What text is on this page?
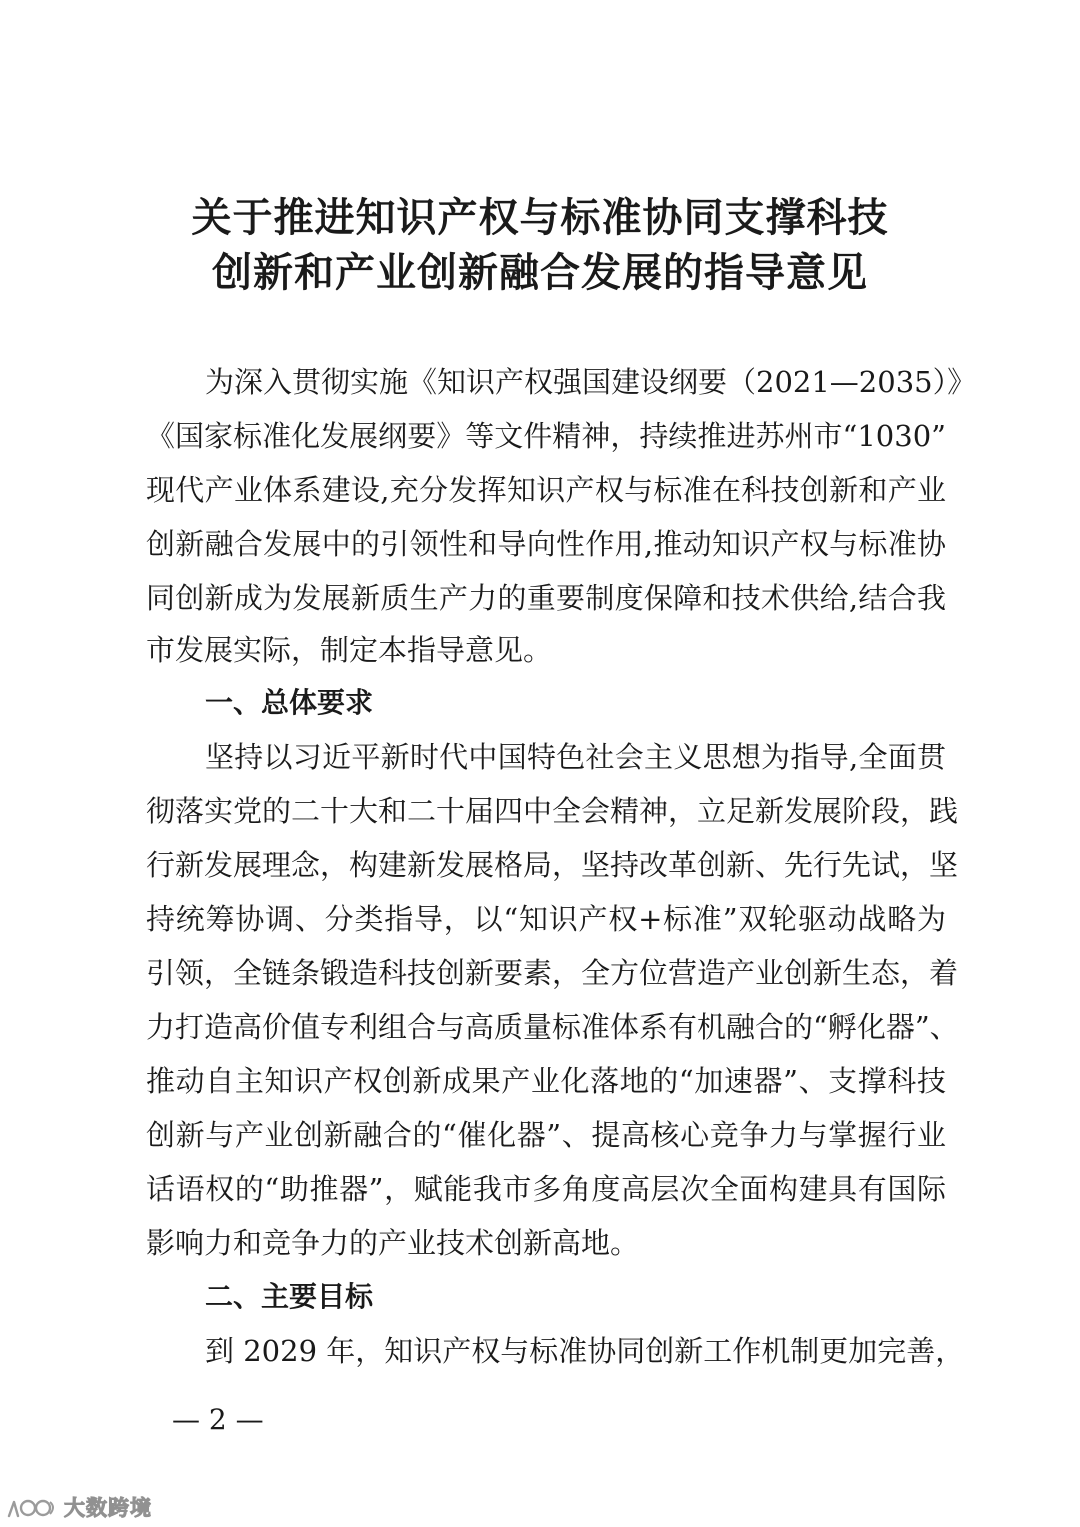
关于推进知识产权与标准协同支撑科技
创新和产业创新融合发展的指导意见

为深入贯彻实施《知识产权强国建设纲要（2021—2035）》

《国家标准化发展纲要》等文件精神，持续推进苏州市“1030”

现代产业体系建设,充分发挥知识产权与标准在科技创新和产业

创新融合发展中的引领性和导向性作用,推动知识产权与标准协

同创新成为发展新质生产力的重要制度保障和技术供给,结合我

市发展实际，制定本指导意见。

一、总体要求

坚持以习近平新时代中国特色社会主义思想为指导,全面贯

彻落实党的二十大和二十届四中全会精神，立足新发展阶段，践

行新发展理念，构建新发展格局，坚持改革创新、先行先试，坚

持统筹协调、分类指导，以“知识产权+标准”双轮驱动战略为

引领，全链条锻造科技创新要素，全方位营造产业创新生态，着

力打造高价值专利组合与高质量标准体系有机融合的“孵化器”、

推动自主知识产权创新成果产业化落地的“加速器”、支撑科技

创新与产业创新融合的“催化器”、提高核心竞争力与掌握行业

话语权的“助推器”，赋能我市多角度高层次全面构建具有国际

影响力和竞争力的产业技术创新高地。

二、主要目标

到 2029 年，知识产权与标准协同创新工作机制更加完善，

— 2 —

大数跨境
